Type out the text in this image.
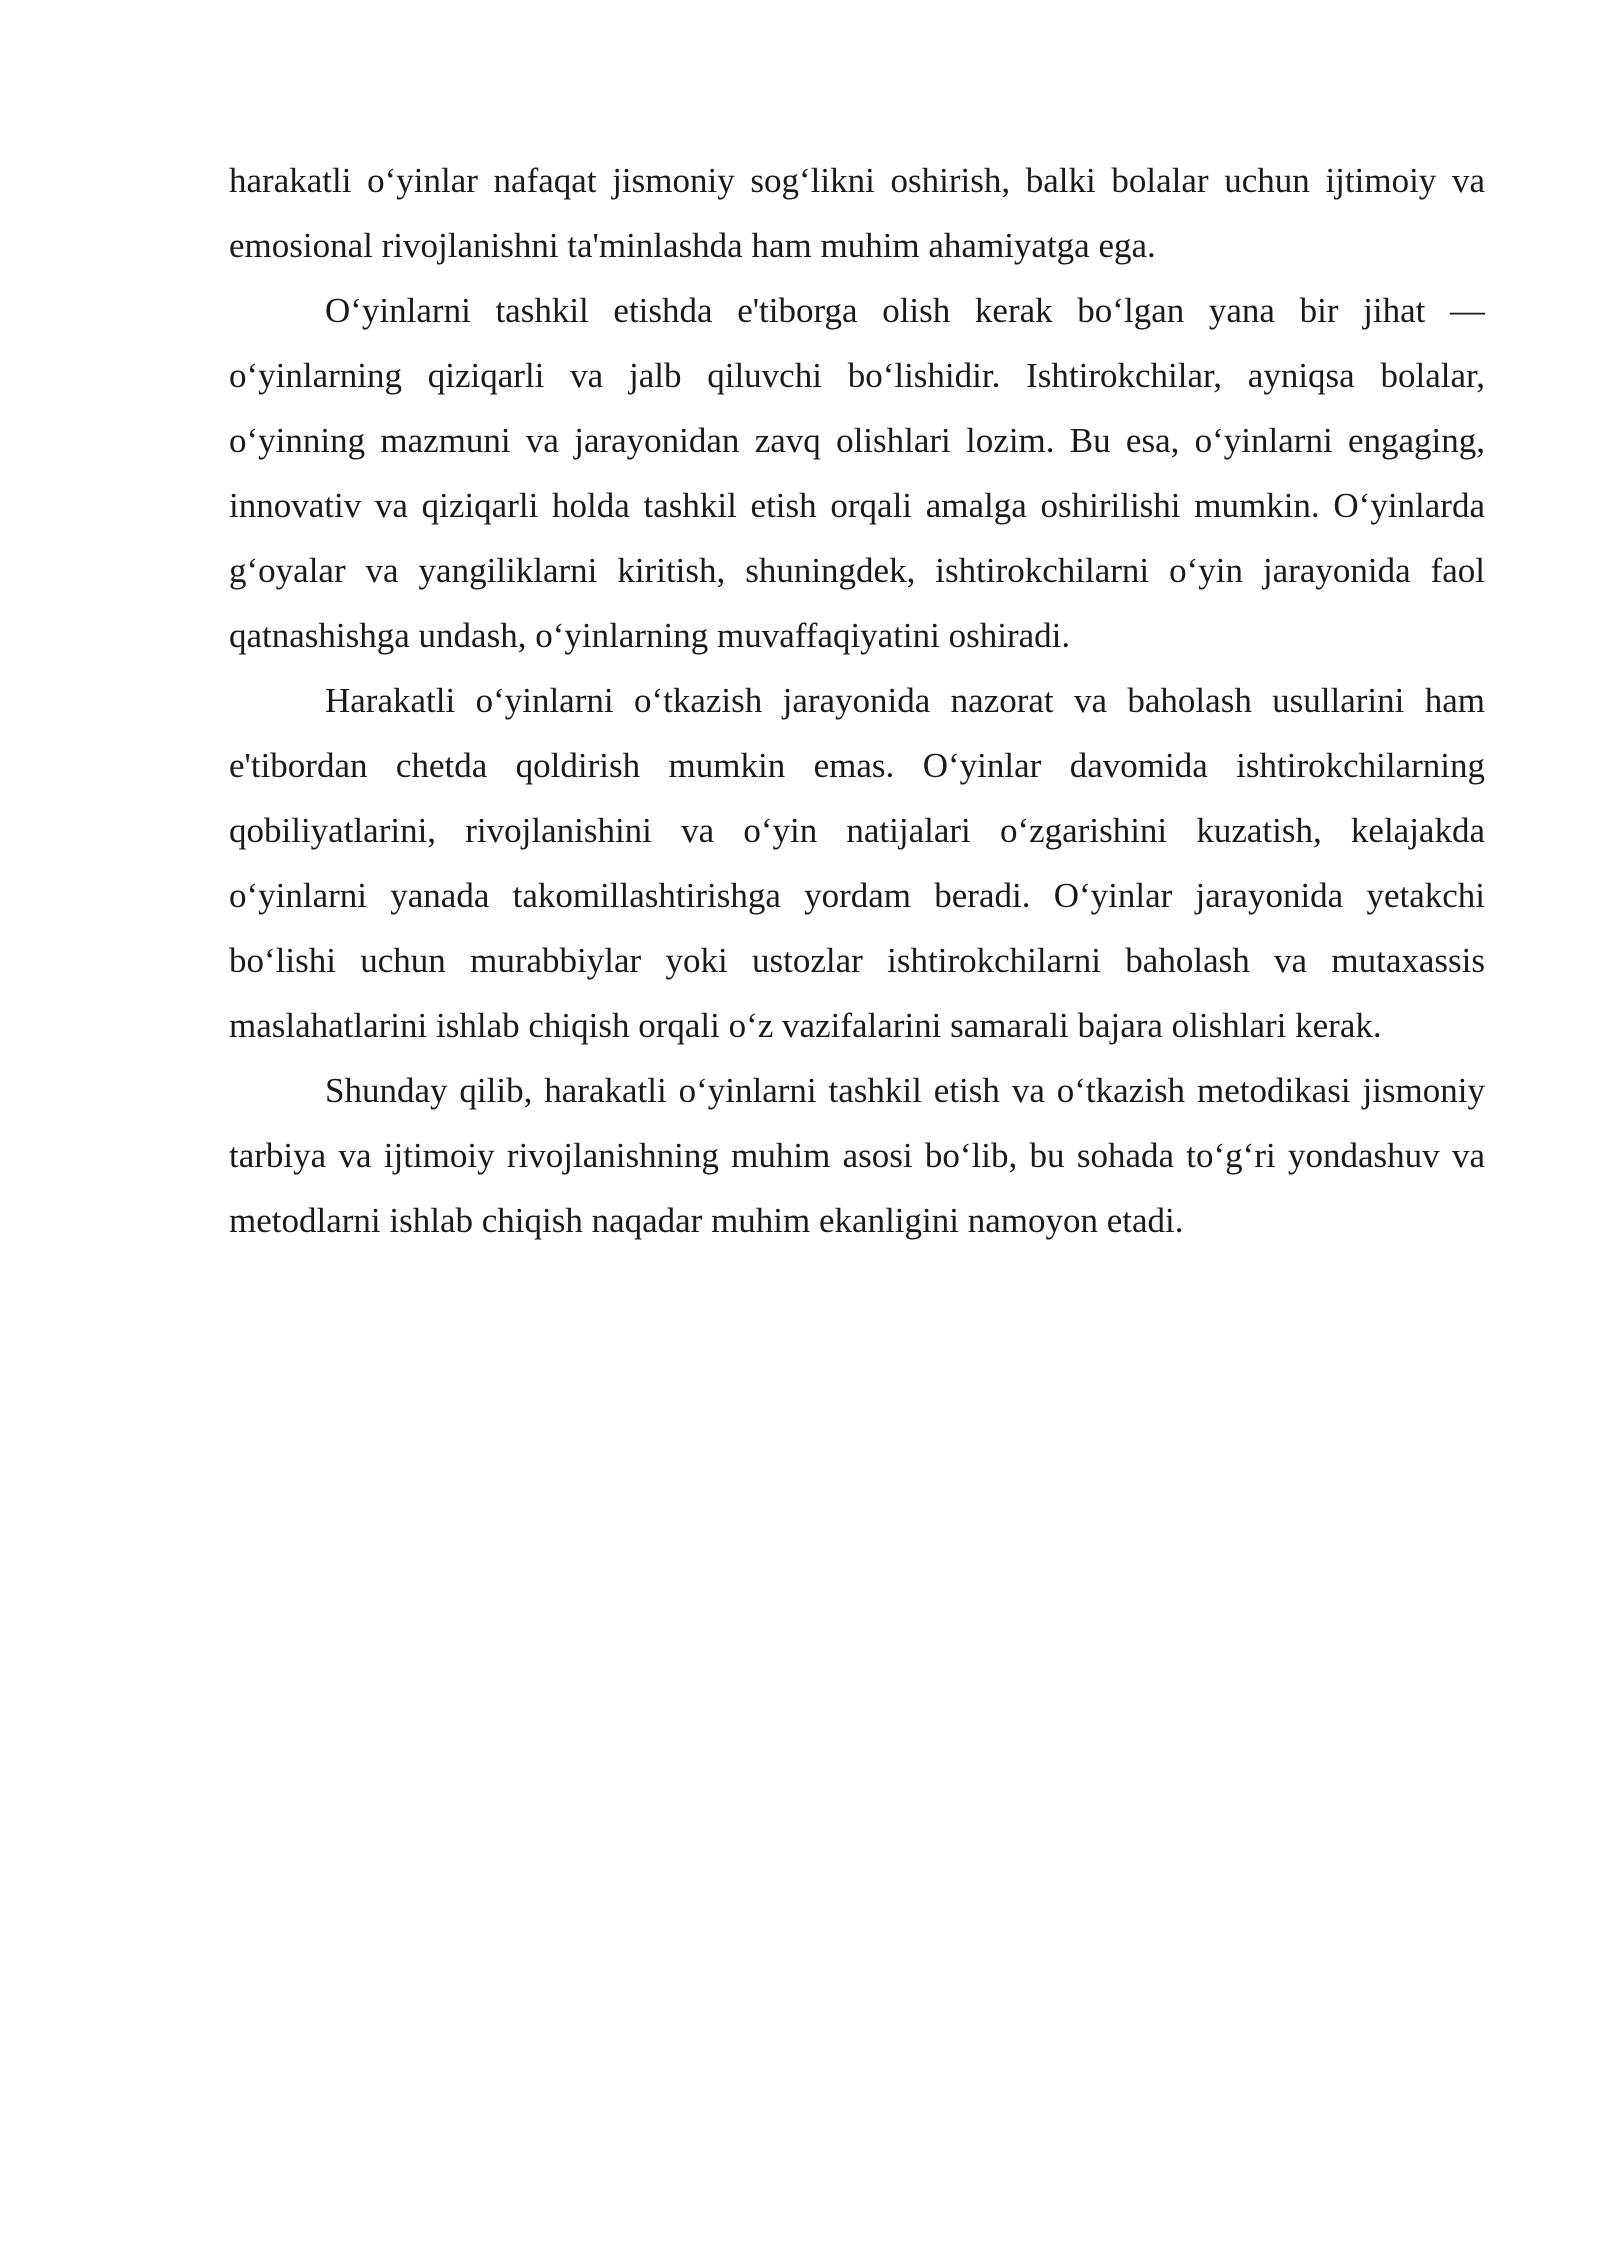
harakatli o‘yinlar nafaqat jismoniy sog‘likni oshirish, balki bolalar uchun ijtimoiy va emosional rivojlanishni ta'minlashda ham muhim ahamiyatga ega.

O‘yinlarni tashkil etishda e'tiborga olish kerak bo‘lgan yana bir jihat — o‘yinlarning qiziqarli va jalb qiluvchi bo‘lishidir. Ishtirokchilar, ayniqsa bolalar, o‘yinning mazmuni va jarayonidan zavq olishlari lozim. Bu esa, o‘yinlarni engaging, innovativ va qiziqarli holda tashkil etish orqali amalga oshirilishi mumkin. O‘yinlarda g‘oyalar va yangiliklarni kiritish, shuningdek, ishtirokchilarni o‘yin jarayonida faol qatnashishga undash, o‘yinlarning muvaffaqiyatini oshiradi.

Harakatli o‘yinlarni o‘tkazish jarayonida nazorat va baholash usullarini ham e'tibordan chetda qoldirish mumkin emas. O‘yinlar davomida ishtirokchilarning qobiliyatlarini, rivojlanishini va o‘yin natijalari o‘zgarishini kuzatish, kelajakda o‘yinlarni yanada takomillashtirishga yordam beradi. O‘yinlar jarayonida yetakchi bo‘lishi uchun murabbiylar yoki ustozlar ishtirokchilarni baholash va mutaxassis maslahatlarini ishlab chiqish orqali o‘z vazifalarini samarali bajara olishlari kerak.

Shunday qilib, harakatli o‘yinlarni tashkil etish va o‘tkazish metodikasi jismoniy tarbiya va ijtimoiy rivojlanishning muhim asosi bo‘lib, bu sohada to‘g‘ri yondashuv va metodlarni ishlab chiqish naqadar muhim ekanligini namoyon etadi.
